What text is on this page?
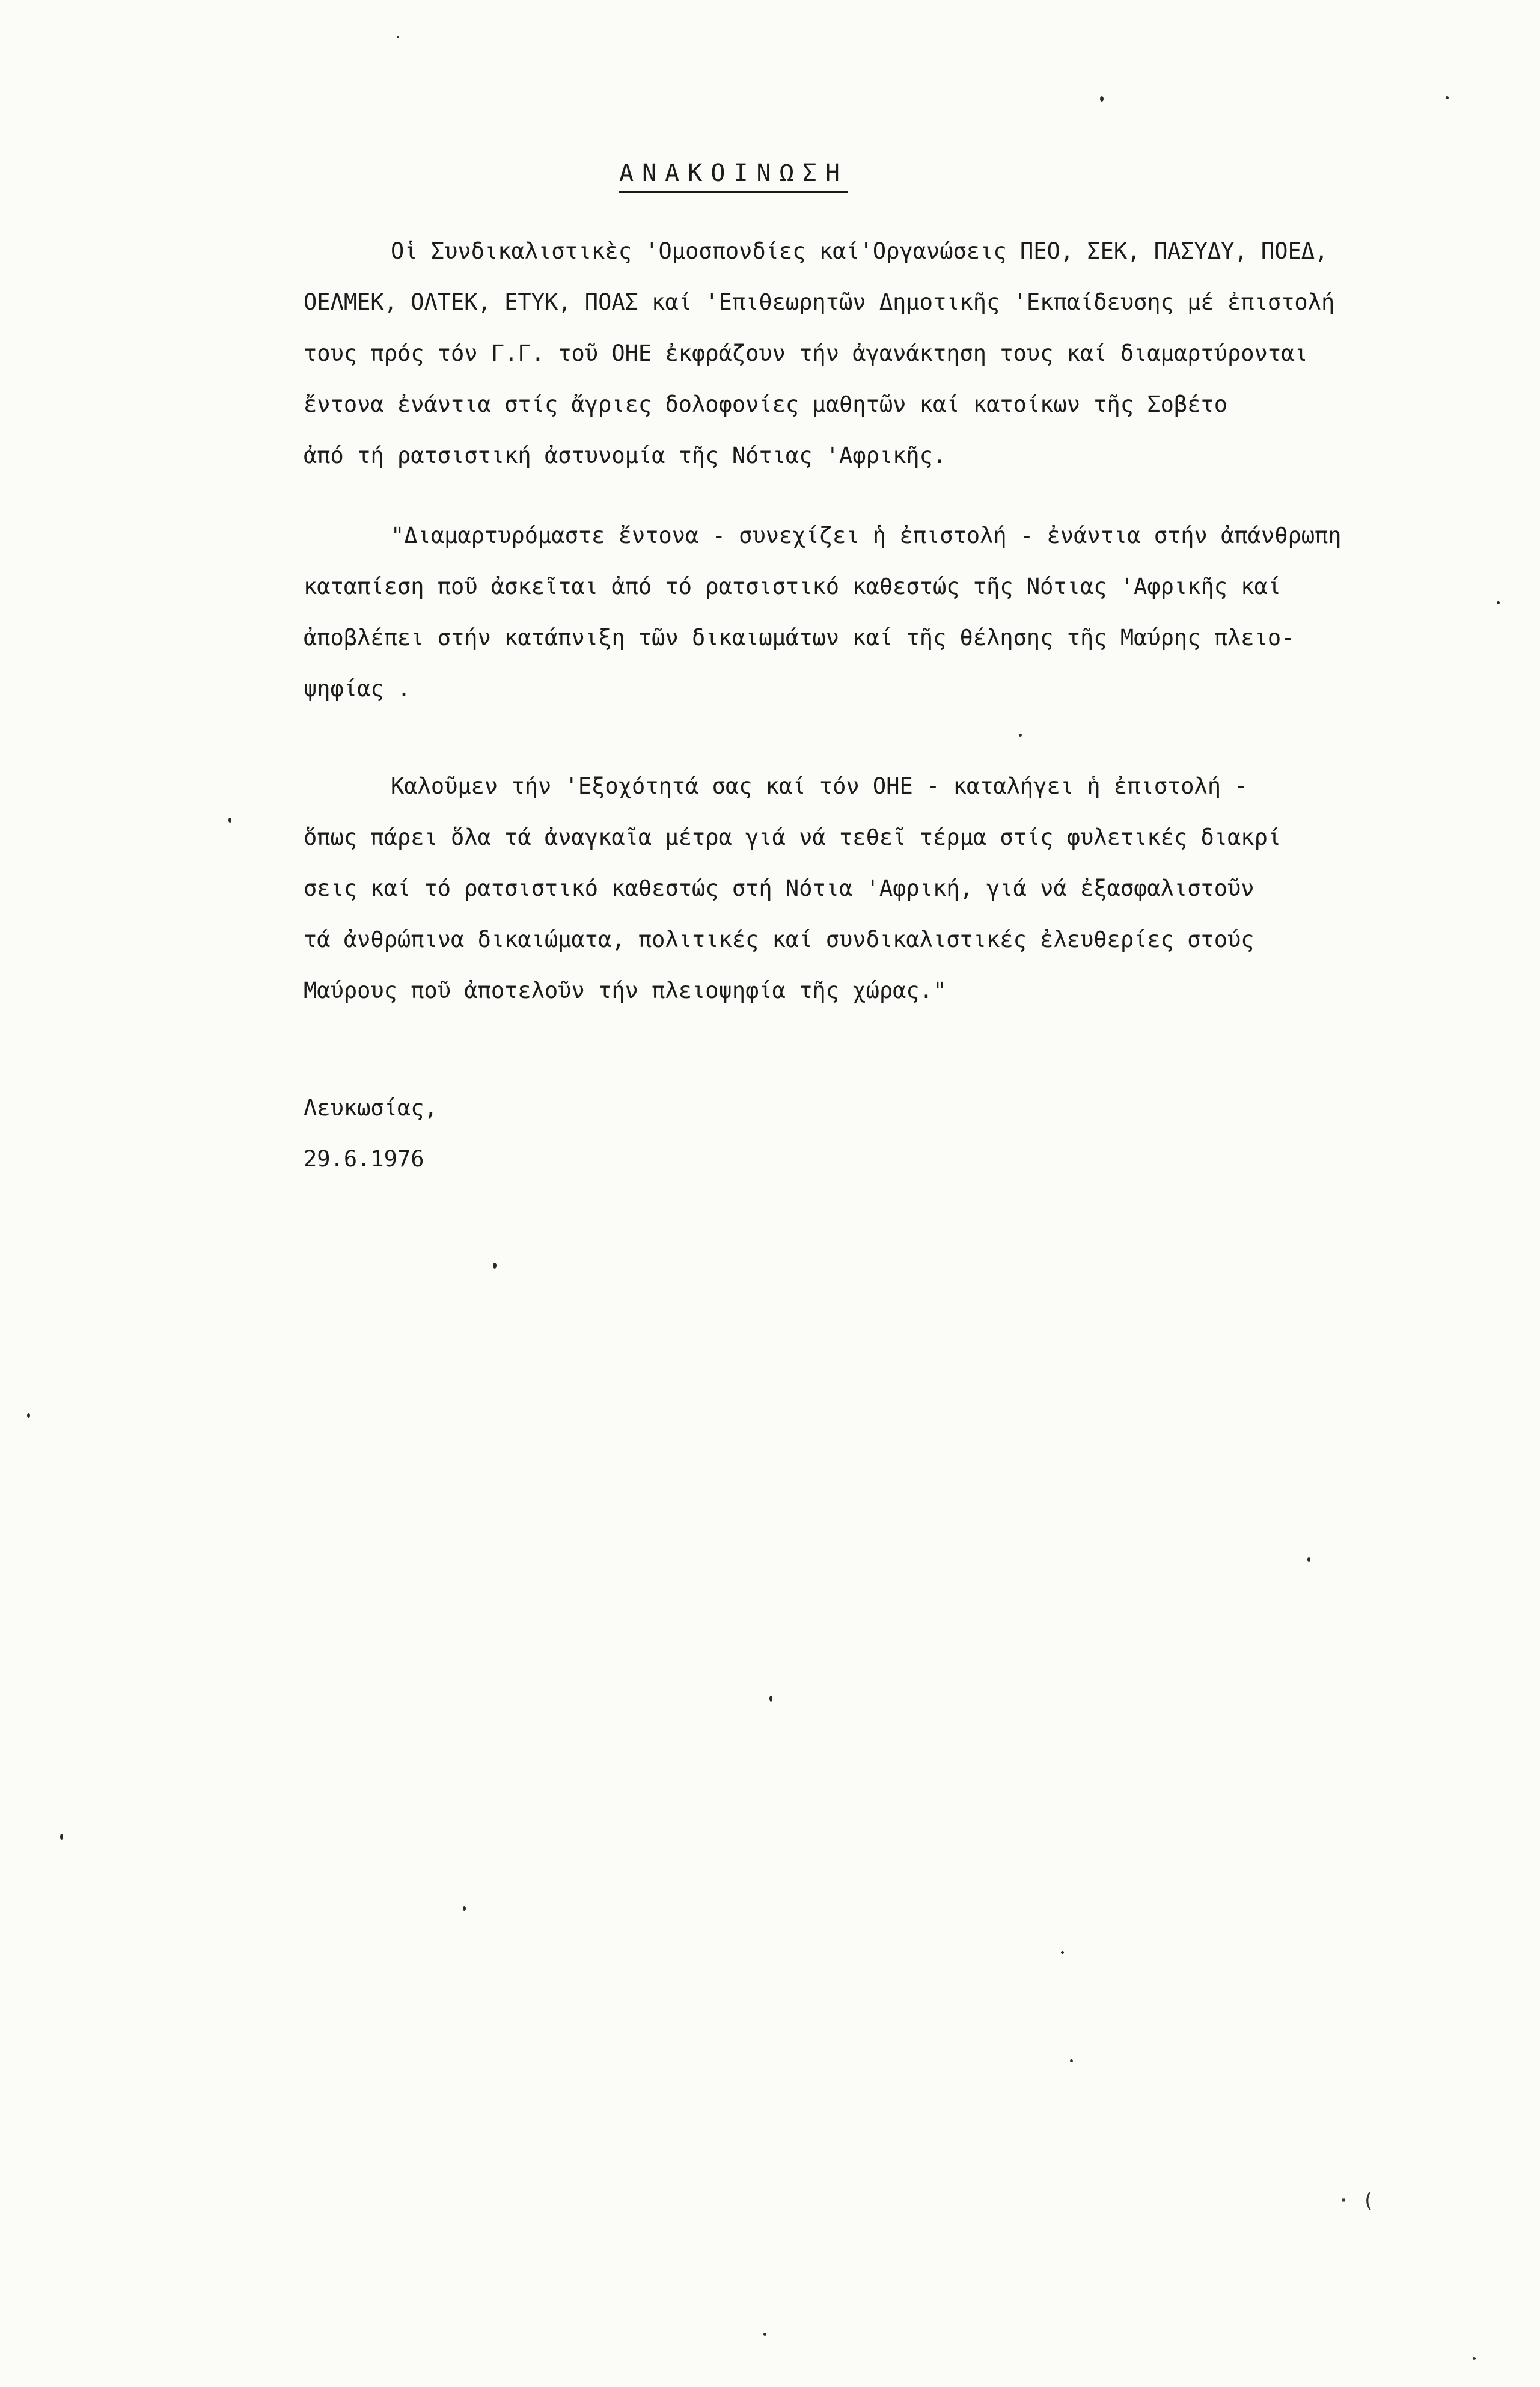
ΑΝΑΚΟΙΝΩΣΗ
Οἱ Συνδικαλιστικὲς 'Ομοσπονδίες καί'Οργανώσεις ΠΕΟ, ΣΕΚ, ΠΑΣΥΔΥ, ΠΟΕΔ,
ΟΕΛΜΕΚ, ΟΛΤΕΚ, ΕΤΥΚ, ΠΟΑΣ καί 'Επιθεωρητῶν Δημοτικῆς 'Εκπαίδευσης μέ ἐπιστολή
τους πρός τόν Γ.Γ. τοῦ ΟΗΕ ἐκφράζουν τήν ἀγανάκτηση τους καί διαμαρτύρονται
ἔντονα ἐνάντια στίς ἄγριες δολοφονίες μαθητῶν καί κατοίκων τῆς Σοβέτο
ἀπό τή ρατσιστική ἀστυνομία τῆς Νότιας 'Αφρικῆς.
"Διαμαρτυρόμαστε ἔντονα - συνεχίζει ἡ ἐπιστολή - ἐνάντια στήν ἀπάνθρωπη
καταπίεση ποῦ ἀσκεῖται ἀπό τό ρατσιστικό καθεστώς τῆς Νότιας 'Αφρικῆς καί
ἀποβλέπει στήν κατάπνιξη τῶν δικαιωμάτων καί τῆς θέλησης τῆς Μαύρης πλειο-
ψηφίας .
Καλοῦμεν τήν 'Εξοχότητά σας καί τόν ΟΗΕ - καταλήγει ἡ ἐπιστολή -
ὅπως πάρει ὅλα τά ἀναγκαῖα μέτρα γιά νά τεθεῖ τέρμα στίς φυλετικές διακρί
σεις καί τό ρατσιστικό καθεστώς στή Νότια 'Αφρική, γιά νά ἐξασφαλιστοῦν
τά ἀνθρώπινα δικαιώματα, πολιτικές καί συνδικαλιστικές ἐλευθερίες στούς
Μαύρους ποῦ ἀποτελοῦν τήν πλειοψηφία τῆς χώρας."
Λευκωσίας,
29.6.1976
· (
